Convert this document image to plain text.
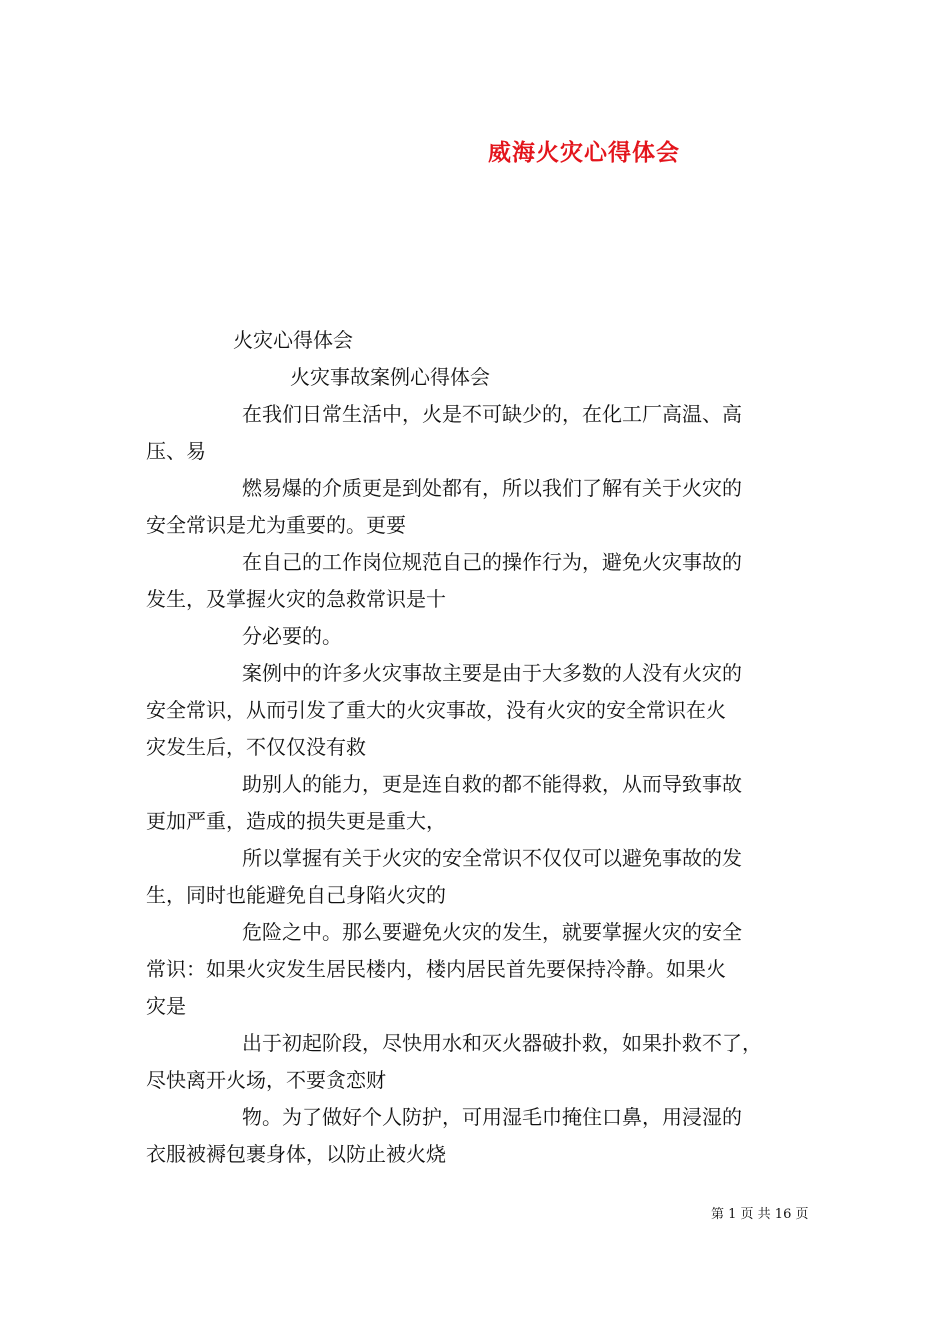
威海火灾心得体会
火灾心得体会
火灾事故案例心得体会
在我们日常生活中，火是不可缺少的，在化工厂高温、高
压、易
燃易爆的介质更是到处都有，所以我们了解有关于火灾的
安全常识是尤为重要的。更要
在自己的工作岗位规范自己的操作行为，避免火灾事故的
发生，及掌握火灾的急救常识是十
分必要的。
案例中的许多火灾事故主要是由于大多数的人没有火灾的
安全常识，从而引发了重大的火灾事故，没有火灾的安全常识在火
灾发生后，不仅仅没有救
助别人的能力，更是连自救的都不能得救，从而导致事故
更加严重，造成的损失更是重大，
所以掌握有关于火灾的安全常识不仅仅可以避免事故的发
生，同时也能避免自己身陷火灾的
危险之中。那么要避免火灾的发生，就要掌握火灾的安全
常识：如果火灾发生居民楼内，楼内居民首先要保持冷静。如果火
灾是
出于初起阶段，尽快用水和灭火器破扑救，如果扑救不了，
尽快离开火场，不要贪恋财
物。为了做好个人防护，可用湿毛巾掩住口鼻，用浸湿的
衣服被褥包裹身体，以防止被火烧
第 1 页 共 16 页
